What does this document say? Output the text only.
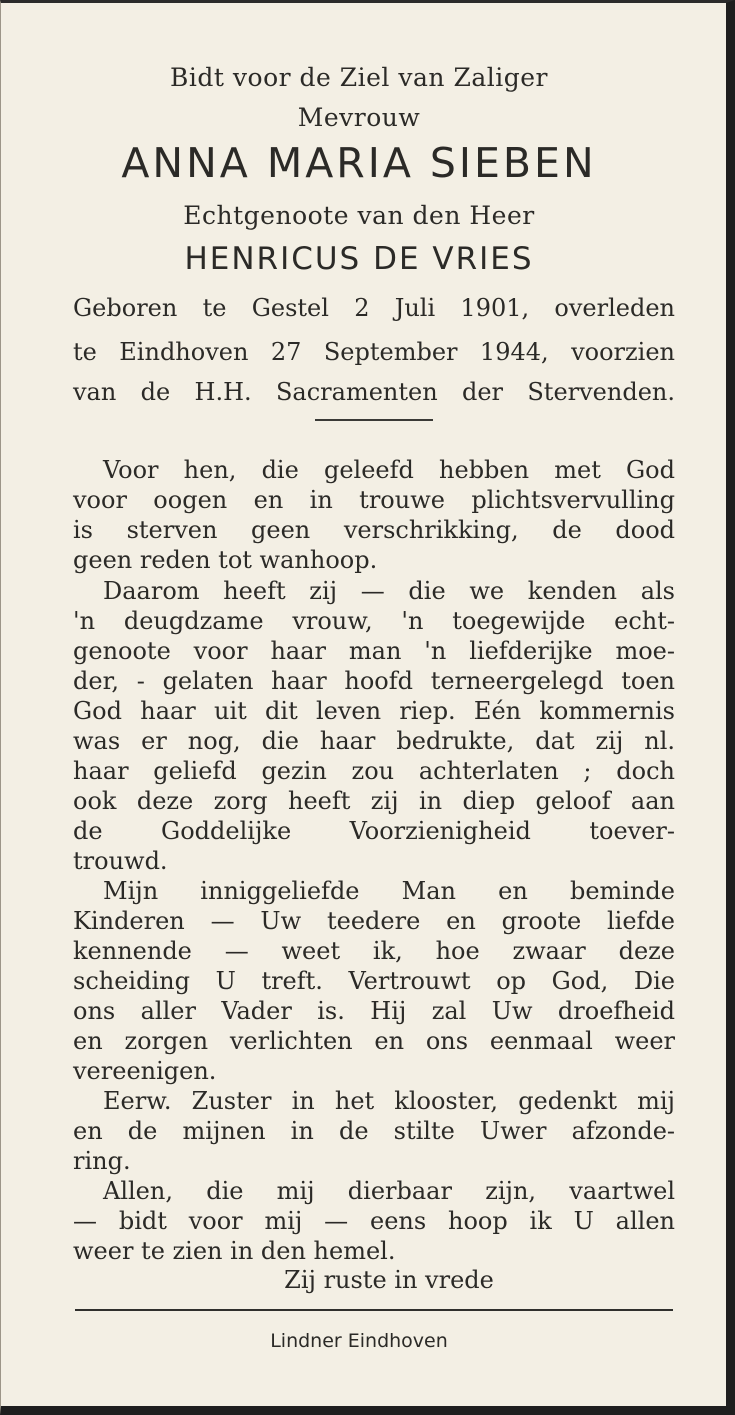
Bidt voor de Ziel van Zaliger
Mevrouw
ANNA MARIA SIEBEN
Echtgenoote van den Heer
HENRICUS DE VRIES
Geboren te Gestel 2 Juli 1901, overleden
te Eindhoven 27 September 1944, voorzien
van de H.H. Sacramenten der Stervenden.
Voor hen, die geleefd hebben met God
voor oogen en in trouwe plichtsvervulling
is sterven geen verschrikking, de dood
geen reden tot wanhoop.
Daarom heeft zij — die we kenden als
'n deugdzame vrouw, 'n toegewijde echt-
genoote voor haar man 'n liefderijke moe-
der, - gelaten haar hoofd terneergelegd toen
God haar uit dit leven riep. Eén kommernis
was er nog, die haar bedrukte, dat zij nl.
haar geliefd gezin zou achterlaten ; doch
ook deze zorg heeft zij in diep geloof aan
de Goddelijke Voorzienigheid toever-
trouwd.
Mijn inniggeliefde Man en beminde
Kinderen — Uw teedere en groote liefde
kennende — weet ik, hoe zwaar deze
scheiding U treft. Vertrouwt op God, Die
ons aller Vader is. Hij zal Uw droefheid
en zorgen verlichten en ons eenmaal weer
vereenigen.
Eerw. Zuster in het klooster, gedenkt mij
en de mijnen in de stilte Uwer afzonde-
ring.
Allen, die mij dierbaar zijn, vaartwel
— bidt voor mij — eens hoop ik U allen
weer te zien in den hemel.
Zij ruste in vrede
Lindner Eindhoven
